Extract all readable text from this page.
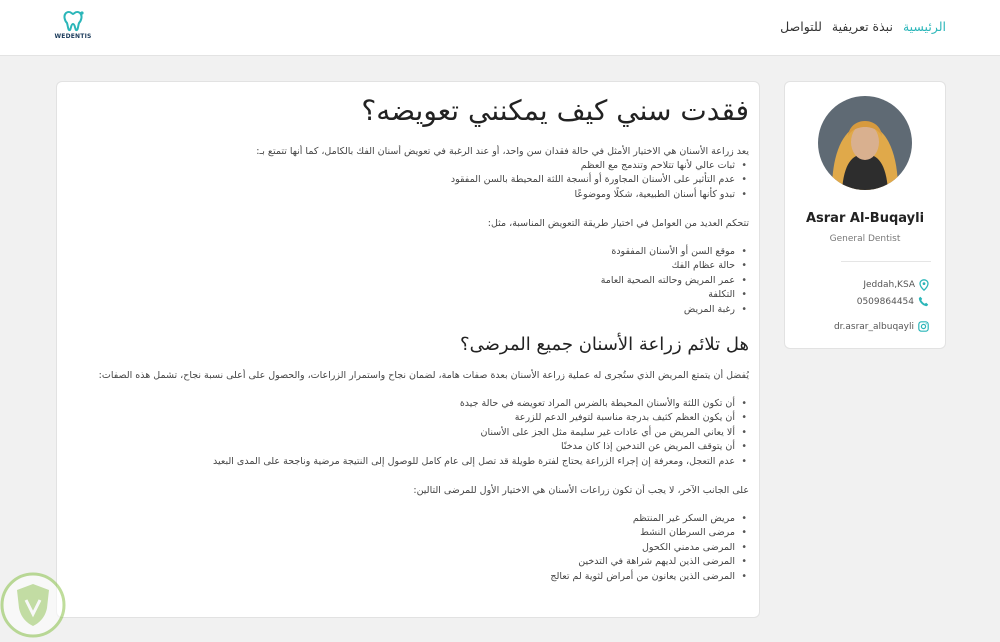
WEDENTIS
الرئيسية
نبذة تعريفية
للتواصل
فقدت سني كيف يمكنني تعويضه؟
يعد زراعة الأسنان هي الاختيار الأمثل في حالة فقدان سن واحد، أو عند الرغبة في تعويض أسنان الفك بالكامل، كما أنها تتمتع بـ:
• ثبات عالي لأنها تتلاحم وتندمج مع العظم
• عدم التأثير على الأسنان المجاورة أو أنسجة اللثة المحيطة بالسن المفقود
• تبدو كأنها أسنان الطبيعية، شكلًا وموضوعًا
تتحكم العديد من العوامل في اختيار طريقة التعويض المناسبة، مثل:
• موقع السن أو الأسنان المفقودة
• حالة عظام الفك
• عمر المريض وحالته الصحية العامة
• التكلفة
• رغبة المريض
هل تلائم زراعة الأسنان جميع المرضى؟
يُفضل أن يتمتع المريض الذي ستُجرى له عملية زراعة الأسنان بعدة صفات هامة، لضمان نجاح واستمرار الزراعات، والحصول على أعلى نسبة نجاح، تشمل هذه الصفات:
• أن تكون اللثة والأسنان المحيطة بالضرس المراد تعويضه في حالة جيدة
• أن يكون العظم كثيف بدرجة مناسبة لتوفير الدعم للزرعة
• ألا يعاني المريض من أي عادات غير سليمة مثل الجز على الأسنان
• أن يتوقف المريض عن التدخين إذا كان مدخنًا
• عدم التعجل، ومعرفة إن إجراء الزراعة يحتاج لفترة طويلة قد تصل إلى عام كامل للوصول إلى النتيجة مرضية وناجحة على المدى البعيد
على الجانب الآخر، لا يجب أن تكون زراعات الأسنان هي الاختيار الأول للمرضى التالين:
• مريض السكر غير المنتظم
• مرضى السرطان النشط
• المرضى مدمني الكحول
• المرضى الذين لديهم شراهة في التدخين
• المرضى الذين يعانون من أمراض لثوية لم تعالج
Asrar Al-Buqayli
General Dentist
Jeddah,KSA
0509864454
dr.asrar_albuqayli
